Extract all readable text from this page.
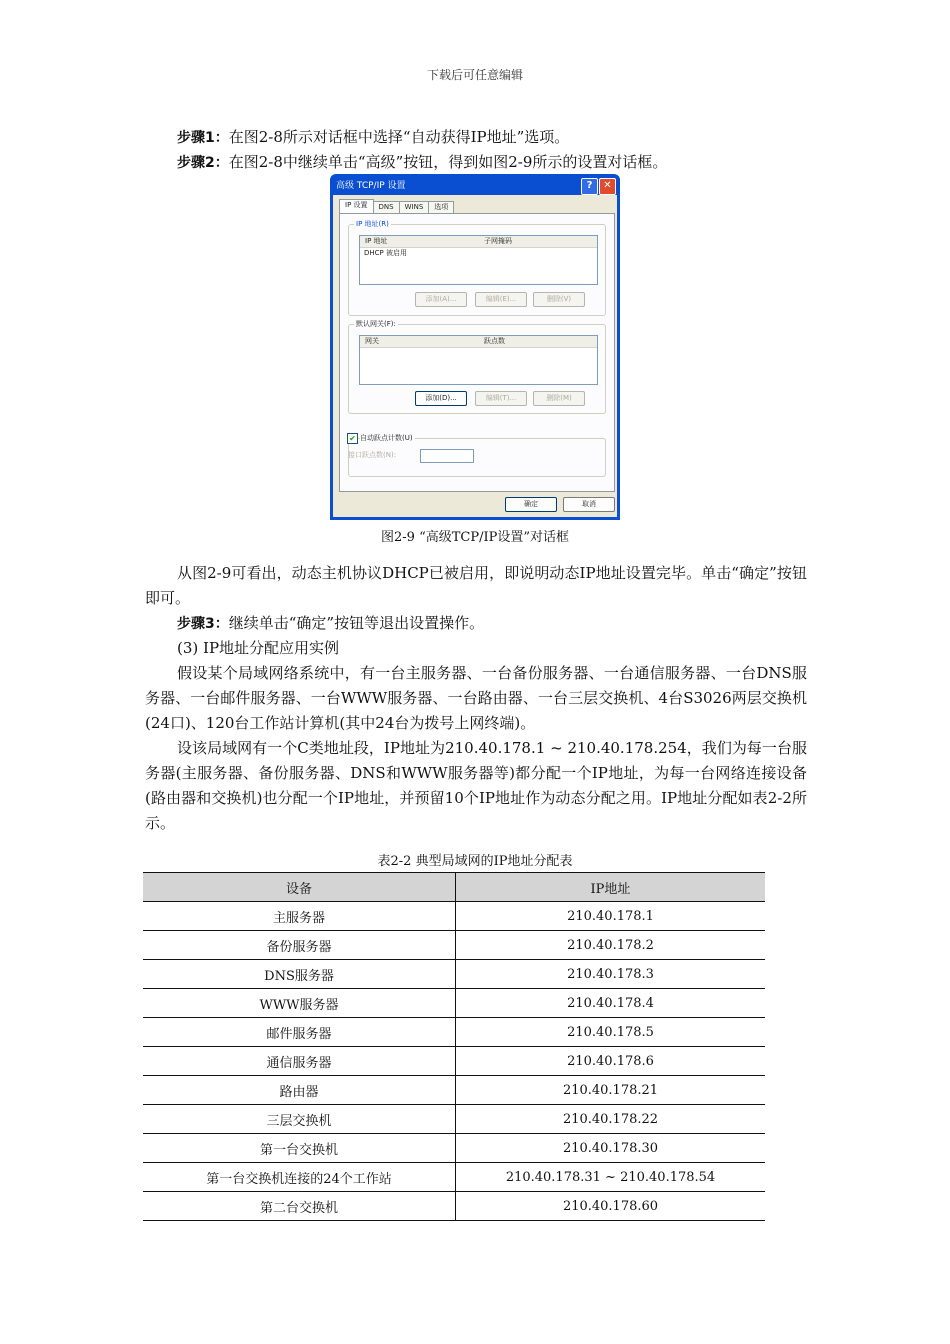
下载后可任意编辑
步骤1：在图2-8所示对话框中选择“自动获得IP地址”选项。
步骤2：在图2-8中继续单击“高级”按钮，得到如图2-9所示的设置对话框。
高级 TCP/IP 设置	?	✕
IP 设置 DNS WINS 选项
IP 地址(R)
IP 地址	子网掩码
DHCP 被启用
添加(A)...	编辑(E)...	删除(V)
默认网关(F):
网关	跃点数
添加(D)...	编辑(T)...	删除(M)
✔ 自动跃点计数(U)
接口跃点数(N):
确定	取消
图2-9 “高级TCP/IP设置”对话框
从图2-9可看出，动态主机协议DHCP已被启用，即说明动态IP地址设置完毕。单击“确定”按钮即可。
步骤3：继续单击“确定”按钮等退出设置操作。
(3) IP地址分配应用实例
假设某个局域网络系统中，有一台主服务器、一台备份服务器、一台通信服务器、一台DNS服务器、一台邮件服务器、一台WWW服务器、一台路由器、一台三层交换机、4台S3026两层交换机(24口)、120台工作站计算机(其中24台为拨号上网终端)。
设该局域网有一个C类地址段，IP地址为210.40.178.1 ~ 210.40.178.254，我们为每一台服务器(主服务器、备份服务器、DNS和WWW服务器等)都分配一个IP地址，为每一台网络连接设备(路由器和交换机)也分配一个IP地址，并预留10个IP地址作为动态分配之用。IP地址分配如表2-2所示。
表2-2 典型局域网的IP地址分配表
设备	IP地址
主服务器	210.40.178.1
备份服务器	210.40.178.2
DNS服务器	210.40.178.3
WWW服务器	210.40.178.4
邮件服务器	210.40.178.5
通信服务器	210.40.178.6
路由器	210.40.178.21
三层交换机	210.40.178.22
第一台交换机	210.40.178.30
第一台交换机连接的24个工作站	210.40.178.31 ~ 210.40.178.54
第二台交换机	210.40.178.60
